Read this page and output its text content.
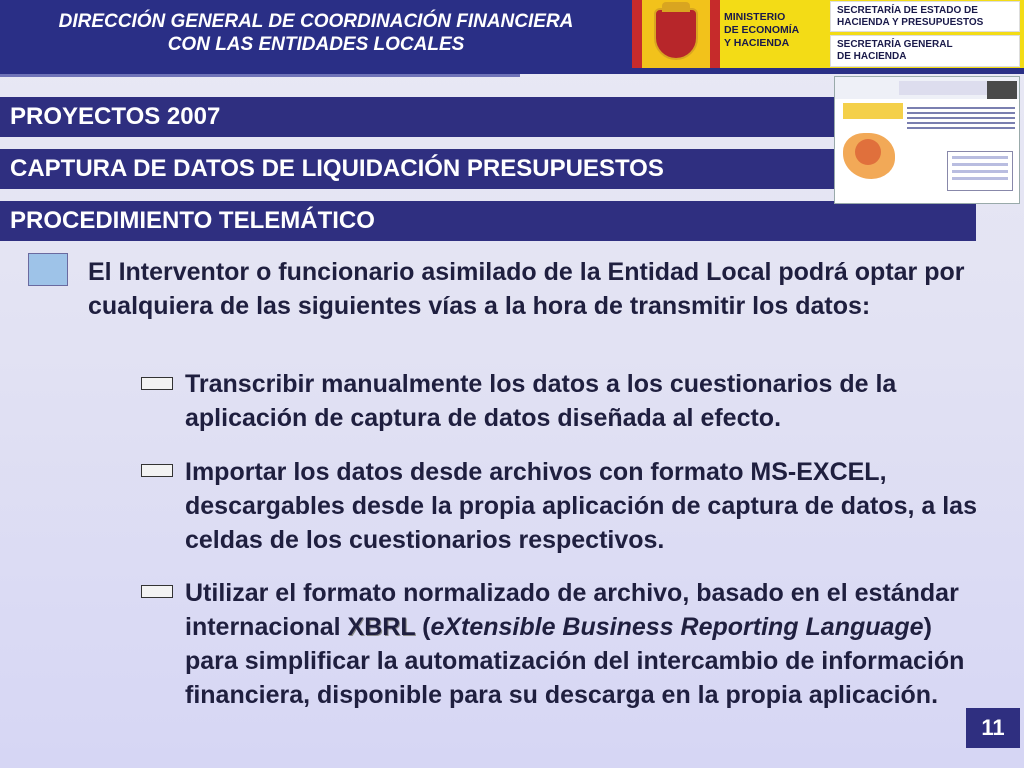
DIRECCIÓN GENERAL DE COORDINACIÓN FINANCIERA
CON LAS ENTIDADES LOCALES
MINISTERIO
DE ECONOMÍA
Y HACIENDA
SECRETARÍA DE ESTADO DE
HACIENDA Y PRESUPUESTOS
SECRETARÍA GENERAL
DE HACIENDA
PROYECTOS 2007
CAPTURA DE DATOS DE LIQUIDACIÓN PRESUPUESTOS
PROCEDIMIENTO TELEMÁTICO
El Interventor o funcionario asimilado de la Entidad Local podrá optar por cualquiera de las siguientes vías a la hora de transmitir los datos:
Transcribir manualmente los datos a los cuestionarios de la aplicación de captura de datos diseñada al efecto.
Importar los datos desde archivos con formato MS-EXCEL, descargables desde la propia aplicación de captura de datos, a las celdas de los cuestionarios respectivos.
Utilizar el formato normalizado de archivo, basado en el estándar internacional XBRL (eXtensible Business Reporting Language) para simplificar la automatización del intercambio de información financiera, disponible para su descarga en la propia aplicación.
11
